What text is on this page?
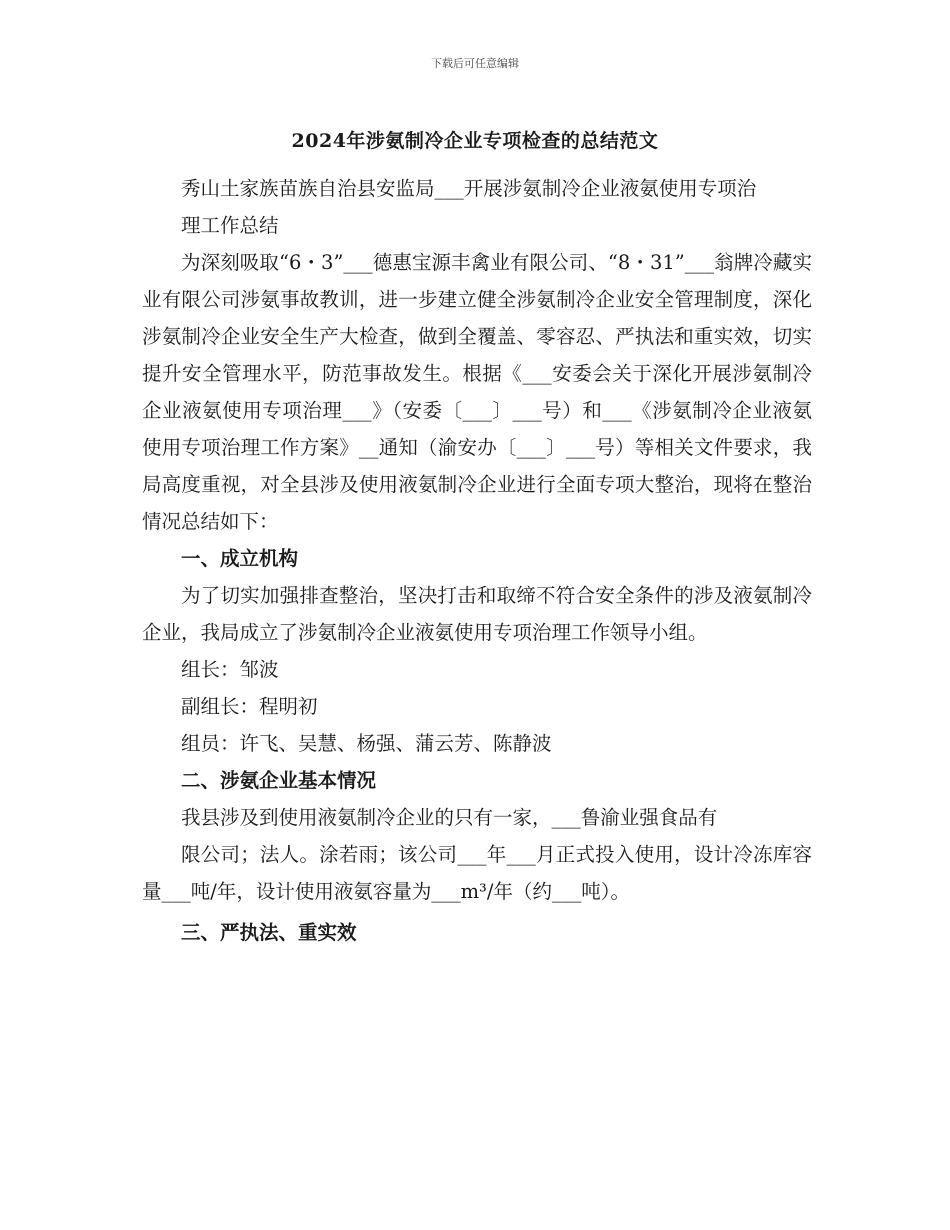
下载后可任意编辑
2024年涉氨制冷企业专项检查的总结范文

秀山土家族苗族自治县安监局___开展涉氨制冷企业液氨使用专项治

理工作总结

为深刻吸取“6・3”___德惠宝源丰禽业有限公司、“8・31”___翁牌冷藏实业有限公司涉氨事故教训，进一步建立健全涉氨制冷企业安全管理制度，深化涉氨制冷企业安全生产大检查，做到全覆盖、零容忍、严执法和重实效，切实提升安全管理水平，防范事故发生。根据《___安委会关于深化开展涉氨制冷企业液氨使用专项治理___》（安委〔___〕___号）和___《涉氨制冷企业液氨使用专项治理工作方案》__通知（渝安办〔___〕___号）等相关文件要求，我局高度重视，对全县涉及使用液氨制冷企业进行全面专项大整治，现将在整治情况总结如下：

一、成立机构

为了切实加强排查整治，坚决打击和取缔不符合安全条件的涉及液氨制冷企业，我局成立了涉氨制冷企业液氨使用专项治理工作领导小组。

组长：邹波

副组长：程明初

组员：许飞、吴慧、杨强、蒲云芳、陈静波

二、涉氨企业基本情况

我县涉及到使用液氨制冷企业的只有一家，___鲁渝业强食品有

限公司；法人。涂若雨；该公司___年___月正式投入使用，设计冷冻库容量___吨/年，设计使用液氨容量为___m³/年（约___吨）。

三、严执法、重实效
